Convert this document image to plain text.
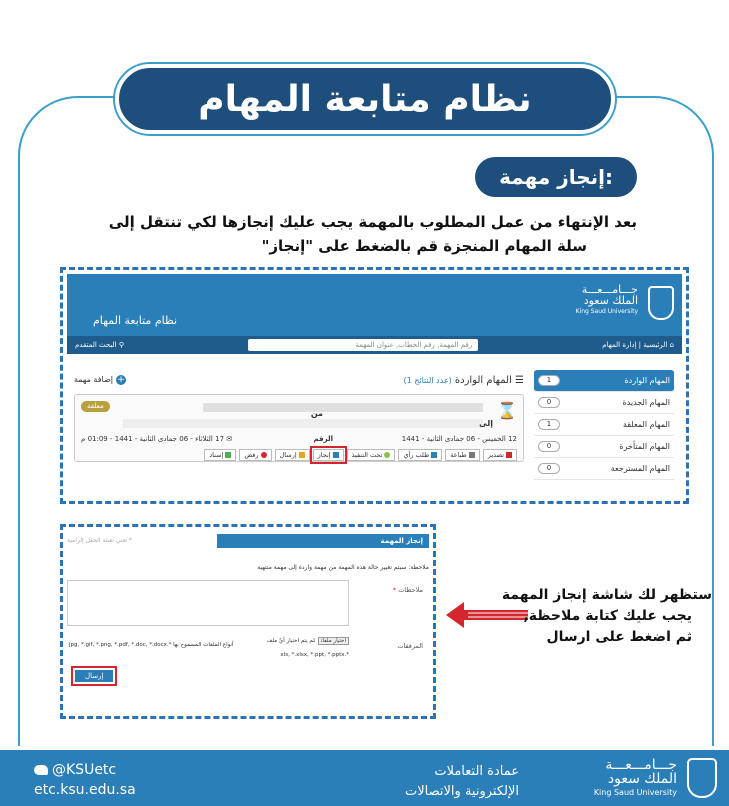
نظام متابعة المهام
إنجاز مهمة:
بعد الإنتهاء من عمل المطلوب بالمهمة يجب عليك إنجازها لكي تنتقل إلى
سلة المهام المنجزة قم بالضغط على "إنجاز"
جـــامـــعـــة
الملك سعود
King Saud University
نظام متابعة المهام
⌂ الرئيسية | إدارة المهام
رقم المهمة, رقم الخطاب, عنوان المهمة
⚲ البحث المتقدم
المهام الواردة
1
المهام الجديدة
0
المهام المعلقة
1
المهام المتأخرة
0
المهام المسترجعة
0
☰ المهام الواردة (عدد النتائج 1)
+إضافة مهمة
⌛
معلقة
من
إلى
12 الخميس - 06 جمادى الثانية - 1441
الرقم
✉ 17 الثلاثاء - 06 جمادى الثانية - 1441 - 01:09 م
تصدير
طباعة
طلب رأي
تحت التنفيذ
إنجاز
إرسال
رفض
إسناد
إنجاز المهمة
* تعني تعبئة الحقل إلزامية
ملاحظة: سيتم تغيير حالة هذه المهمة من مهمة واردة إلى مهمة منتهية
ملاحظات *
المرفقات
اختيار ملفاتلم يتم اختيار أيّ ملف
أنواع الملفات المسموح بها *.jpg, *.gif, *.png, *.pdf, *.doc, *.docx
*.xls, *.xlsx, *.ppt, *.pptx
إرسال
ستظهر لك شاشة إنجاز المهمة
يجب عليك كتابة ملاحظة,
ثم اضغط على ارسال
جـــامـــعـــة
الملك سعود
King Saud University
عمادة التعاملات
الإلكترونية والاتصالات
@KSUetc
etc.ksu.edu.sa
